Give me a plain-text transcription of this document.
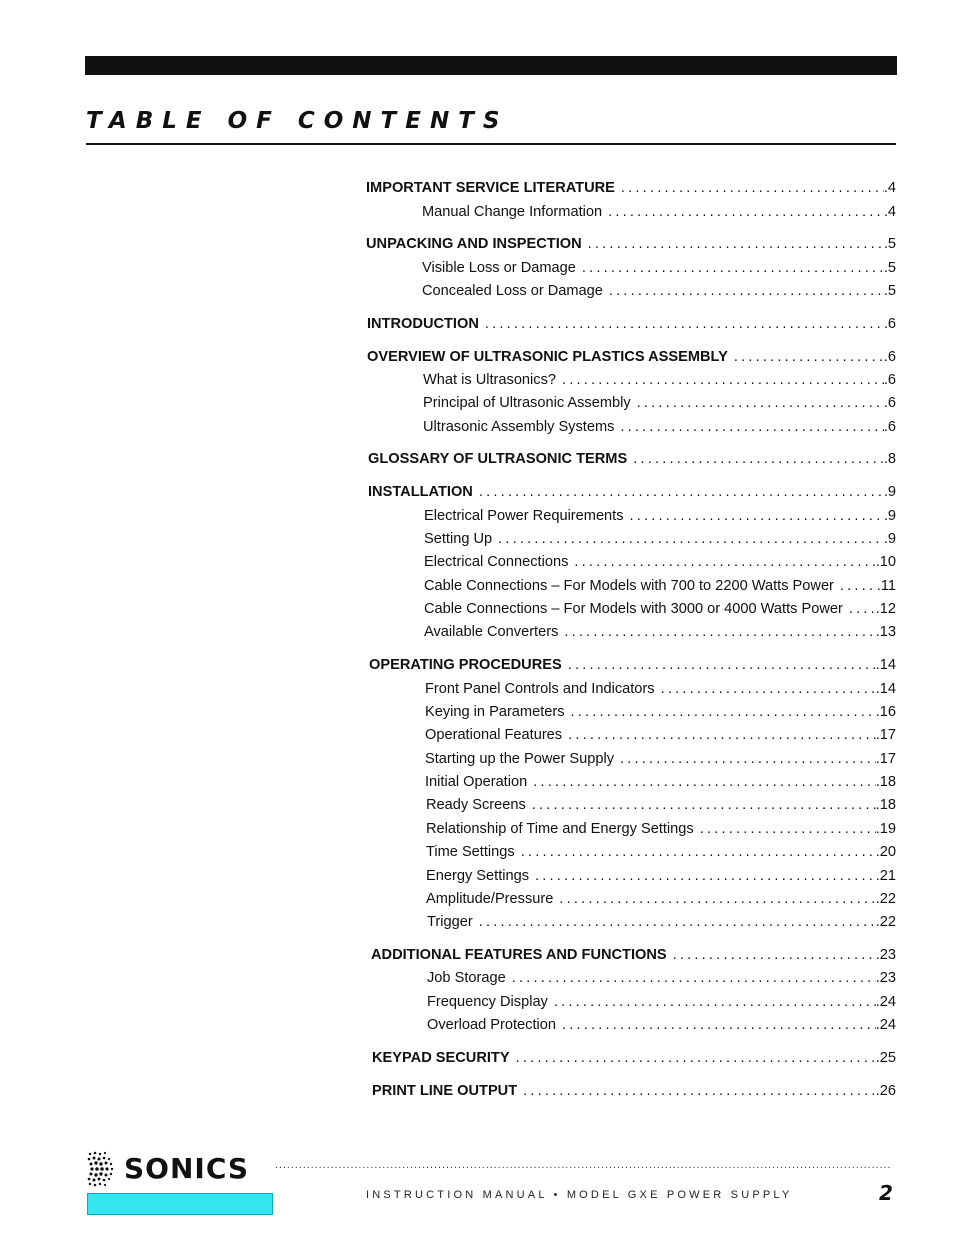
TABLE OF CONTENTS
IMPORTANT SERVICE LITERATURE .....	.4
Manual Change Information .....	.4
UNPACKING AND INSPECTION .....	.5
Visible Loss or Damage .....	.5
Concealed Loss or Damage .....	.5
INTRODUCTION .....	.6
OVERVIEW OF ULTRASONIC PLASTICS ASSEMBLY .....	.6
What is Ultrasonics? .....	.6
Principal of Ultrasonic Assembly .....	.6
Ultrasonic Assembly Systems .....	.6
GLOSSARY OF ULTRASONIC TERMS .....	.8
INSTALLATION .....	.9
Electrical Power Requirements .....	.9
Setting Up .....	.9
Electrical Connections .....	.10
Cable Connections – For Models with 700 to 2200 Watts Power .....	.11
Cable Connections – For Models with 3000 or 4000 Watts Power .....	.12
Available Converters .....	.13
OPERATING PROCEDURES .....	.14
Front Panel Controls and Indicators .....	.14
Keying in Parameters .....	.16
Operational Features .....	.17
Starting up the Power Supply .....	.17
Initial Operation .....	.18
Ready Screens .....	.18
Relationship of Time and Energy Settings .....	.19
Time Settings .....	.20
Energy Settings .....	.21
Amplitude/Pressure .....	.22
Trigger .....	.22
ADDITIONAL FEATURES AND FUNCTIONS .....	.23
Job Storage .....	.23
Frequency Display .....	.24
Overload Protection .....	.24
KEYPAD SECURITY .....	.25
PRINT LINE OUTPUT .....	.26
SONICS
.....
INSTRUCTION MANUAL • MODEL GXE POWER SUPPLY	2
